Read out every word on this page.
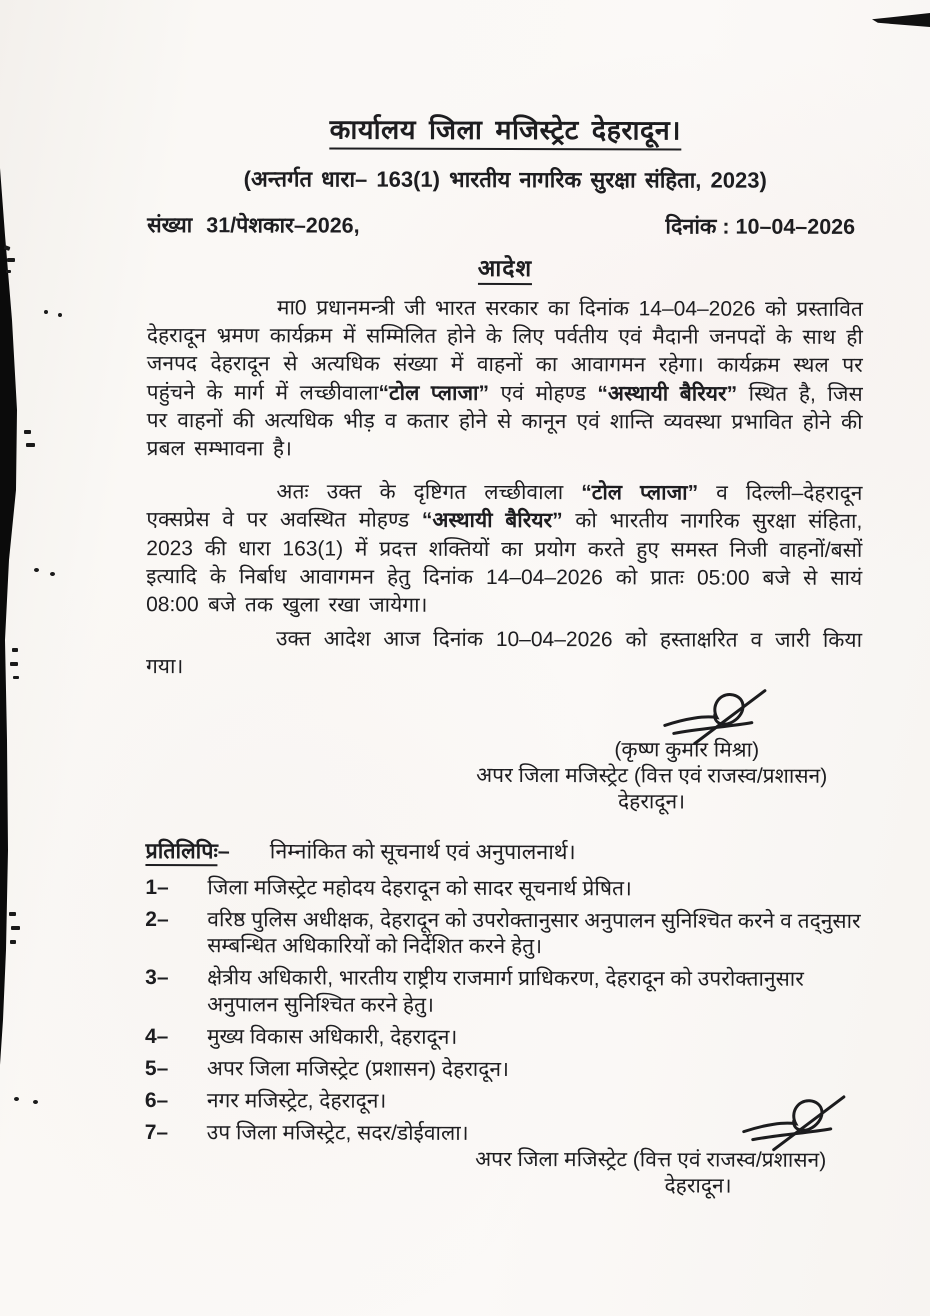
कार्यालय जिला मजिस्ट्रेट देहरादून।
(अन्तर्गत धारा– 163(1) भारतीय नागरिक सुरक्षा संहिता, 2023)
संख्या 31/पेशकार–2026,	दिनांक : 10–04–2026
आदेश

मा0 प्रधानमन्त्री जी भारत सरकार का दिनांक 14–04–2026 को प्रस्तावित देहरादून भ्रमण कार्यक्रम में सम्मिलित होने के लिए पर्वतीय एवं मैदानी जनपदों के साथ ही जनपद देहरादून से अत्यधिक संख्या में वाहनों का आवागमन रहेगा। कार्यक्रम स्थल पर पहुंचने के मार्ग में लच्छीवाला“टोल प्लाजा” एवं मोहण्ड “अस्थायी बैरियर” स्थित है, जिस पर वाहनों की अत्यधिक भीड़ व कतार होने से कानून एवं शान्ति व्यवस्था प्रभावित होने की प्रबल सम्भावना है।

अतः उक्त के दृष्टिगत लच्छीवाला “टोल प्लाजा” व दिल्ली–देहरादून एक्सप्रेस वे पर अवस्थित मोहण्ड “अस्थायी बैरियर” को भारतीय नागरिक सुरक्षा संहिता, 2023 की धारा 163(1) में प्रदत्त शक्तियों का प्रयोग करते हुए समस्त निजी वाहनों/बसों इत्यादि के निर्बाध आवागमन हेतु दिनांक 14–04–2026 को प्रातः 05:00 बजे से सायं 08:00 बजे तक खुला रखा जायेगा।

उक्त आदेश आज दिनांक 10–04–2026 को हस्ताक्षरित व जारी किया गया।

(कृष्ण कुमार मिश्रा)
अपर जिला मजिस्ट्रेट (वित्त एवं राजस्व/प्रशासन)
देहरादून।
प्रतिलिपिः– निम्नांकित को सूचनार्थ एवं अनुपालनार्थ।
1–	जिला मजिस्ट्रेट महोदय देहरादून को सादर सूचनार्थ प्रेषित।
2–	वरिष्ठ पुलिस अधीक्षक, देहरादून को उपरोक्तानुसार अनुपालन सुनिश्चित करने व तद्नुसार सम्बन्धित अधिकारियों को निर्देशित करने हेतु।
3–	क्षेत्रीय अधिकारी, भारतीय राष्ट्रीय राजमार्ग प्राधिकरण, देहरादून को उपरोक्तानुसार अनुपालन सुनिश्चित करने हेतु।
4–	मुख्य विकास अधिकारी, देहरादून।
5–	अपर जिला मजिस्ट्रेट (प्रशासन) देहरादून।
6–	नगर मजिस्ट्रेट, देहरादून।
7–	उप जिला मजिस्ट्रेट, सदर/डोईवाला।
अपर जिला मजिस्ट्रेट (वित्त एवं राजस्व/प्रशासन)
देहरादून।
